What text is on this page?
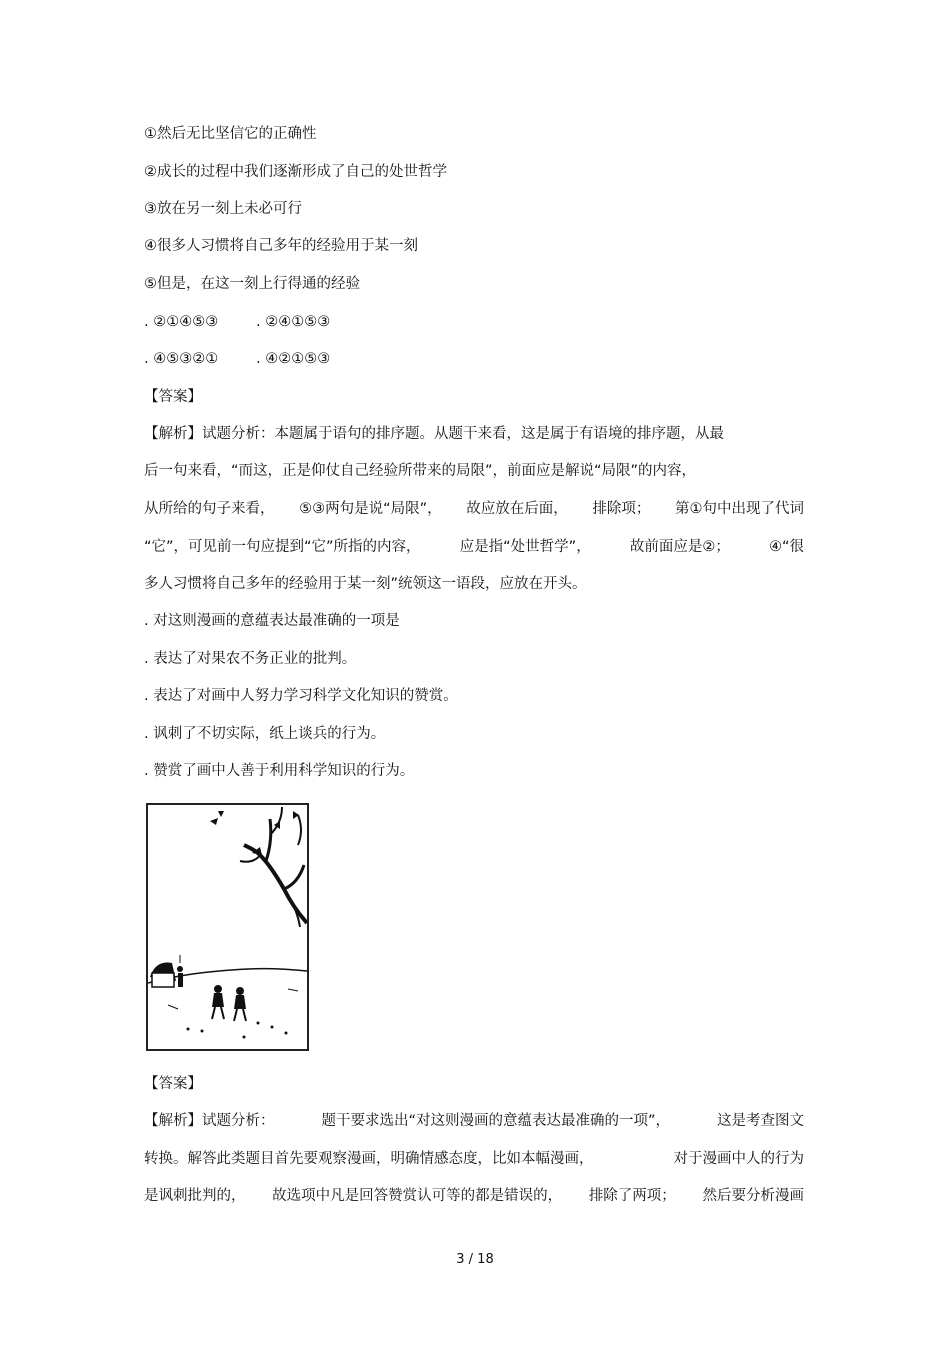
①然后无比坚信它的正确性
②成长的过程中我们逐渐形成了自己的处世哲学
③放在另一刻上未必可行
④很多人习惯将自己多年的经验用于某一刻
⑤但是，在这一刻上行得通的经验
. ②①④⑤③	. ②④①⑤③
. ④⑤③②①	. ④②①⑤③
【答案】
【解析】试题分析：本题属于语句的排序题。从题干来看，这是属于有语境的排序题，从最
后一句来看，“而这，正是仰仗自己经验所带来的局限”，前面应是解说“局限”的内容，
从所给的句子来看， ⑤③两句是说“局限”， 故应放在后面， 排除项； 第①句中出现了代词
“它”，可见前一句应提到“它”所指的内容，	应是指“处世哲学”，	故前面应是②；	④“很
多人习惯将自己多年的经验用于某一刻”统领这一语段，应放在开头。
. 对这则漫画的意蕴表达最准确的一项是
. 表达了对果农不务正业的批判。
. 表达了对画中人努力学习科学文化知识的赞赏。
. 讽刺了不切实际，纸上谈兵的行为。
. 赞赏了画中人善于利用科学知识的行为。
【答案】
【解析】试题分析：	题干要求选出“对这则漫画的意蕴表达最准确的一项”，	这是考查图文
转换。解答此类题目首先要观察漫画，明确情感态度，比如本幅漫画，	对于漫画中人的行为
是讽刺批判的， 故选项中凡是回答赞赏认可等的都是错误的， 排除了两项； 然后要分析漫画
3 / 18
